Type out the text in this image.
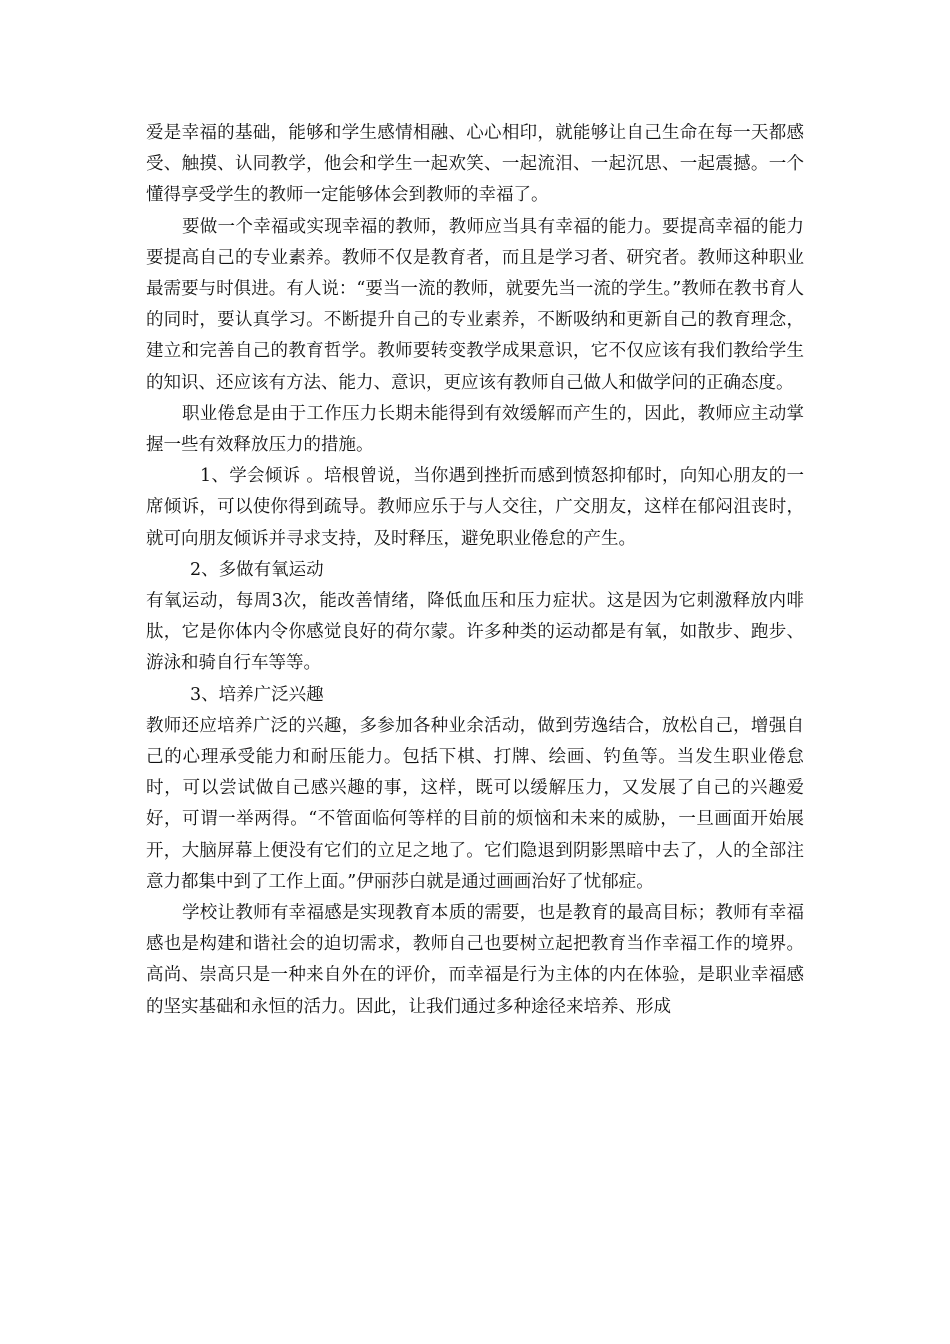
爱是幸福的基础，能够和学生感情相融、心心相印，就能够让自己生命在每一天都感受、触摸、认同教学，他会和学生一起欢笑、一起流泪、一起沉思、一起震撼。一个懂得享受学生的教师一定能够体会到教师的幸福了。

要做一个幸福或实现幸福的教师，教师应当具有幸福的能力。要提高幸福的能力要提高自己的专业素养。教师不仅是教育者，而且是学习者、研究者。教师这种职业最需要与时俱进。有人说：“要当一流的教师，就要先当一流的学生。”教师在教书育人的同时，要认真学习。不断提升自己的专业素养，不断吸纳和更新自己的教育理念，建立和完善自己的教育哲学。教师要转变教学成果意识，它不仅应该有我们教给学生的知识、还应该有方法、能力、意识，更应该有教师自己做人和做学问的正确态度。

职业倦怠是由于工作压力长期未能得到有效缓解而产生的，因此，教师应主动掌握一些有效释放压力的措施。

1、学会倾诉 。培根曾说，当你遇到挫折而感到愤怒抑郁时，向知心朋友的一席倾诉，可以使你得到疏导。教师应乐于与人交往，广交朋友，这样在郁闷沮丧时，就可向朋友倾诉并寻求支持，及时释压，避免职业倦怠的产生。

2、多做有氧运动

有氧运动，每周3次，能改善情绪，降低血压和压力症状。这是因为它刺激释放内啡肽，它是你体内令你感觉良好的荷尔蒙。许多种类的运动都是有氧，如散步、跑步、游泳和骑自行车等等。

3、培养广泛兴趣

教师还应培养广泛的兴趣，多参加各种业余活动，做到劳逸结合，放松自己，增强自己的心理承受能力和耐压能力。包括下棋、打牌、绘画、钓鱼等。当发生职业倦怠时，可以尝试做自己感兴趣的事，这样，既可以缓解压力，又发展了自己的兴趣爱好，可谓一举两得。“不管面临何等样的目前的烦恼和未来的威胁，一旦画面开始展开，大脑屏幕上便没有它们的立足之地了。它们隐退到阴影黑暗中去了，人的全部注意力都集中到了工作上面。”伊丽莎白就是通过画画治好了忧郁症。

学校让教师有幸福感是实现教育本质的需要，也是教育的最高目标；教师有幸福感也是构建和谐社会的迫切需求，教师自己也要树立起把教育当作幸福工作的境界。高尚、崇高只是一种来自外在的评价，而幸福是行为主体的内在体验，是职业幸福感的坚实基础和永恒的活力。因此，让我们通过多种途径来培养、形成
